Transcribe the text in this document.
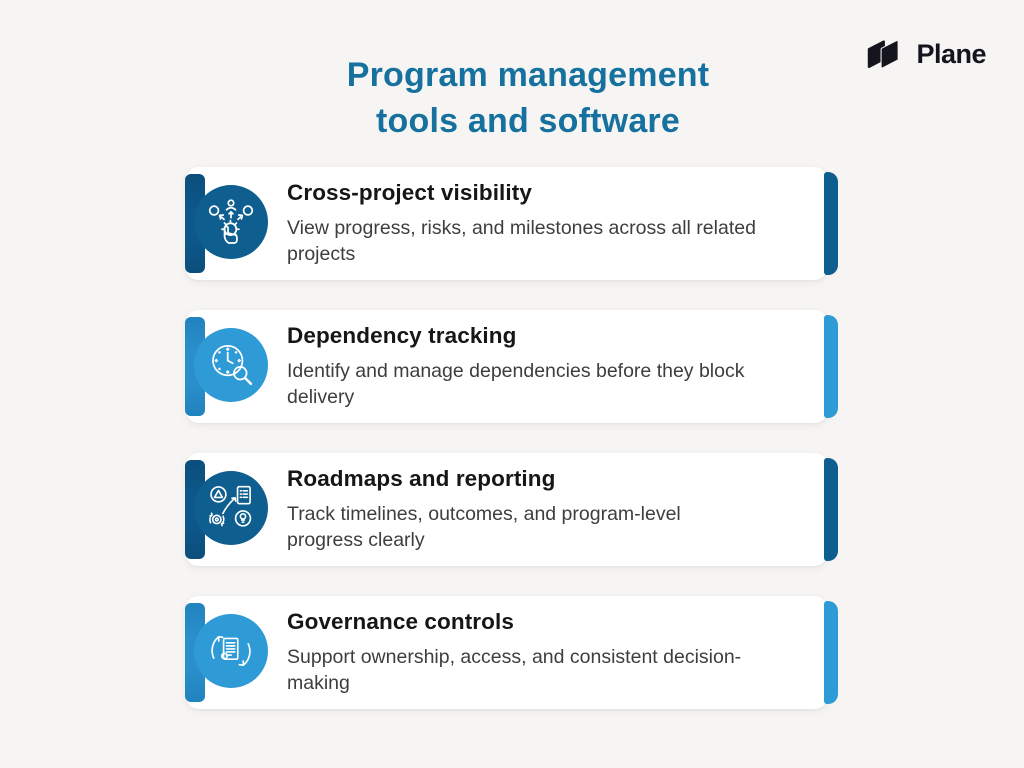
Program management
tools and software
Plane
Cross-project visibility

View progress, risks, and milestones across all related projects

Dependency tracking

Identify and manage dependencies before they block delivery

Roadmaps and reporting

Track timelines, outcomes, and program-level progress clearly

Governance controls

Support ownership, access, and consistent decision-making
